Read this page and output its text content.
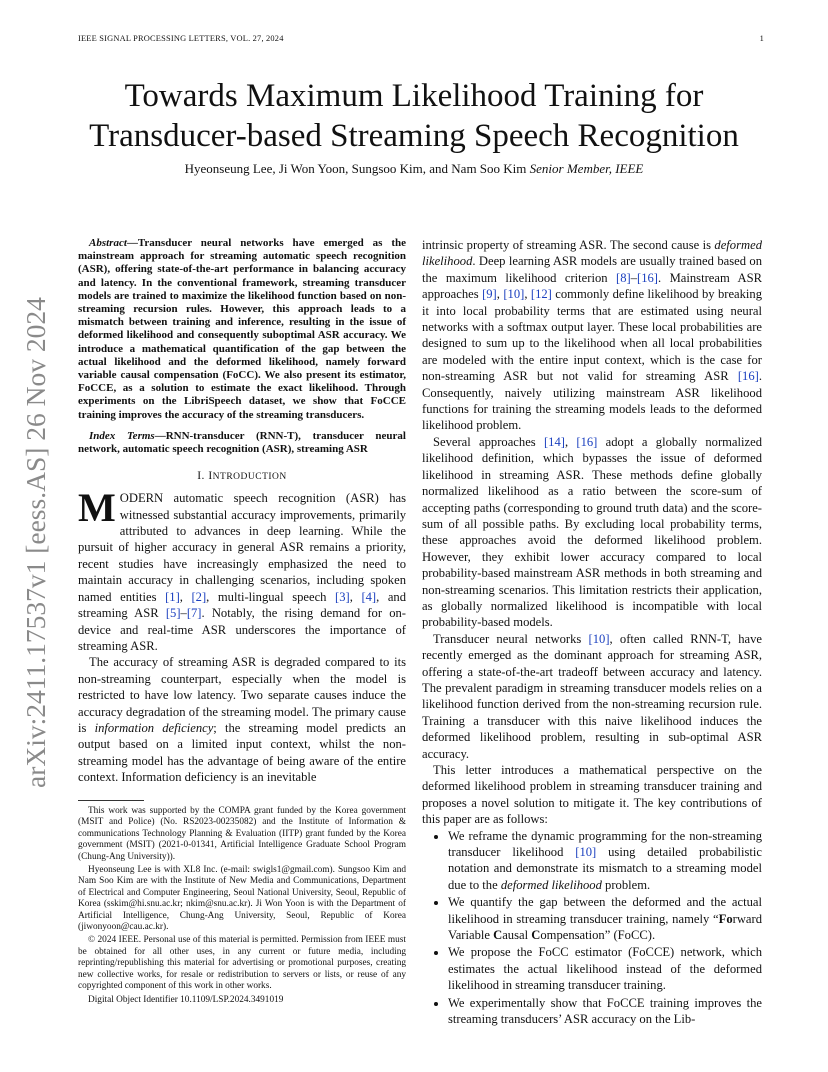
IEEE SIGNAL PROCESSING LETTERS, VOL. 27, 2024	1
arXiv:2411.17537v1 [eess.AS] 26 Nov 2024
Towards Maximum Likelihood Training for
Transducer-based Streaming Speech Recognition
Hyeonseung Lee, Ji Won Yoon, Sungsoo Kim, and Nam Soo Kim Senior Member, IEEE

Abstract—Transducer neural networks have emerged as the mainstream approach for streaming automatic speech recognition (ASR), offering state-of-the-art performance in balancing accuracy and latency. In the conventional framework, streaming transducer models are trained to maximize the likelihood function based on non-streaming recursion rules. However, this approach leads to a mismatch between training and inference, resulting in the issue of deformed likelihood and consequently suboptimal ASR accuracy. We introduce a mathematical quantification of the gap between the actual likelihood and the deformed likelihood, namely forward variable causal compensation (FoCC). We also present its estimator, FoCCE, as a solution to estimate the exact likelihood. Through experiments on the LibriSpeech dataset, we show that FoCCE training improves the accuracy of the streaming transducers.

Index Terms—RNN-transducer (RNN-T), transducer neural network, automatic speech recognition (ASR), streaming ASR

I. INTRODUCTION

MODERN automatic speech recognition (ASR) has witnessed substantial accuracy improvements, primarily attributed to advances in deep learning. While the pursuit of higher accuracy in general ASR remains a priority, recent studies have increasingly emphasized the need to maintain accuracy in challenging scenarios, including spoken named entities [1], [2], multi-lingual speech [3], [4], and streaming ASR [5]–[7]. Notably, the rising demand for on-device and real-time ASR underscores the importance of streaming ASR.

The accuracy of streaming ASR is degraded compared to its non-streaming counterpart, especially when the model is restricted to have low latency. Two separate causes induce the accuracy degradation of the streaming model. The primary cause is information deficiency; the streaming model predicts an output based on a limited input context, whilst the non-streaming model has the advantage of being aware of the entire context. Information deficiency is an inevitable

This work was supported by the COMPA grant funded by the Korea government (MSIT and Police) (No. RS2023-00235082) and the Institute of Information & communications Technology Planning & Evaluation (IITP) grant funded by the Korea government (MSIT) (2021-0-01341, Artificial Intelligence Graduate School Program (Chung-Ang University)).

Hyeonseung Lee is with XL8 Inc. (e-mail: swigls1@gmail.com). Sungsoo Kim and Nam Soo Kim are with the Institute of New Media and Communications, Department of Electrical and Computer Engineering, Seoul National University, Seoul, Republic of Korea (sskim@hi.snu.ac.kr; nkim@snu.ac.kr). Ji Won Yoon is with the Department of Artificial Intelligence, Chung-Ang University, Seoul, Republic of Korea (jiwonyoon@cau.ac.kr).

© 2024 IEEE. Personal use of this material is permitted. Permission from IEEE must be obtained for all other uses, in any current or future media, including reprinting/republishing this material for advertising or promotional purposes, creating new collective works, for resale or redistribution to servers or lists, or reuse of any copyrighted component of this work in other works.

Digital Object Identifier 10.1109/LSP.2024.3491019

intrinsic property of streaming ASR. The second cause is deformed likelihood. Deep learning ASR models are usually trained based on the maximum likelihood criterion [8]–[16]. Mainstream ASR approaches [9], [10], [12] commonly define likelihood by breaking it into local probability terms that are estimated using neural networks with a softmax output layer. These local probabilities are designed to sum up to the likelihood when all local probabilities are modeled with the entire input context, which is the case for non-streaming ASR but not valid for streaming ASR [16]. Consequently, naively utilizing mainstream ASR likelihood functions for training the streaming models leads to the deformed likelihood problem.

Several approaches [14], [16] adopt a globally normalized likelihood definition, which bypasses the issue of deformed likelihood in streaming ASR. These methods define globally normalized likelihood as a ratio between the score-sum of accepting paths (corresponding to ground truth data) and the score-sum of all possible paths. By excluding local probability terms, these approaches avoid the deformed likelihood problem. However, they exhibit lower accuracy compared to local probability-based mainstream ASR methods in both streaming and non-streaming scenarios. This limitation restricts their application, as globally normalized likelihood is incompatible with local probability-based models.

Transducer neural networks [10], often called RNN-T, have recently emerged as the dominant approach for streaming ASR, offering a state-of-the-art tradeoff between accuracy and latency. The prevalent paradigm in streaming transducer models relies on a likelihood function derived from the non-streaming recursion rule. Training a transducer with this naive likelihood induces the deformed likelihood problem, resulting in sub-optimal ASR accuracy.

This letter introduces a mathematical perspective on the deformed likelihood problem in streaming transducer training and proposes a novel solution to mitigate it. The key contributions of this paper are as follows:

• We reframe the dynamic programming for the non-streaming transducer likelihood [10] using detailed probabilistic notation and demonstrate its mismatch to a streaming model due to the deformed likelihood problem.
• We quantify the gap between the deformed and the actual likelihood in streaming transducer training, namely “Forward Variable Causal Compensation” (FoCC).
• We propose the FoCC estimator (FoCCE) network, which estimates the actual likelihood instead of the deformed likelihood in streaming transducer training.
• We experimentally show that FoCCE training improves the streaming transducers’ ASR accuracy on the Lib-
